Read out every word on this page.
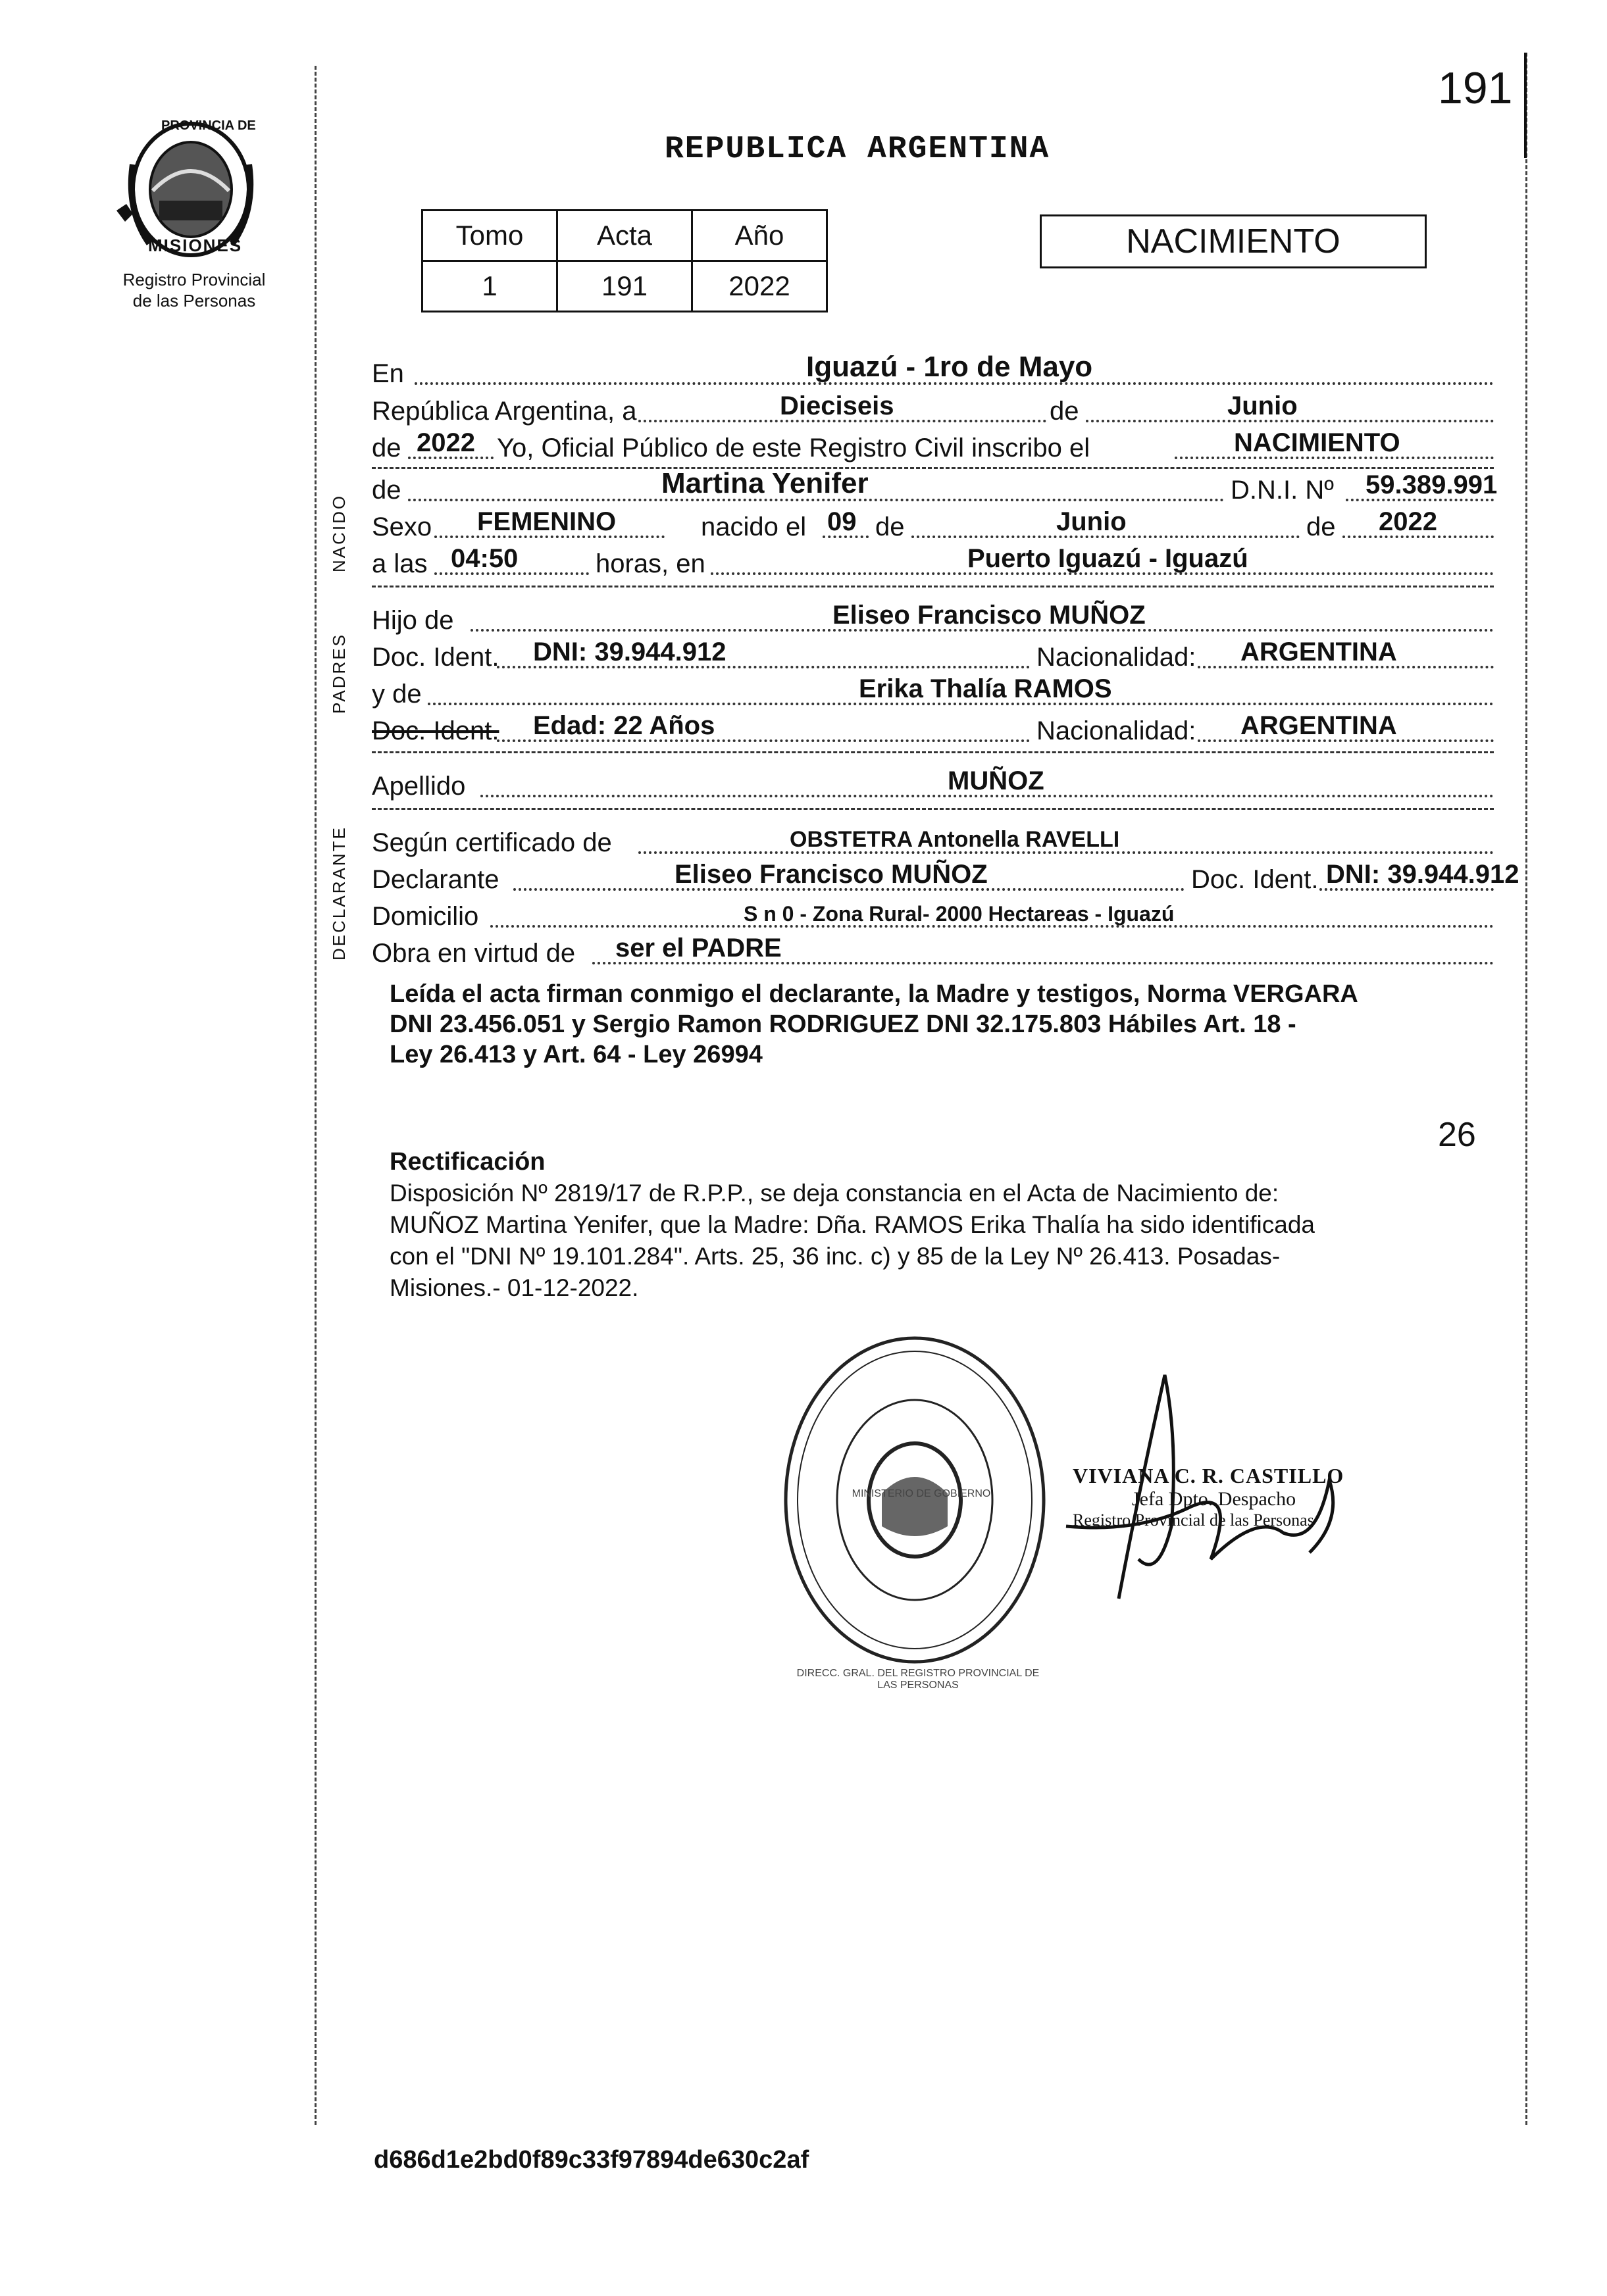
191
PROVINCIA DE
MISIONES
Registro Provincial
de las Personas
REPUBLICA ARGENTINA
Tomo	Acta	Año
1	191	2022
NACIMIENTO
NACIDO
PADRES
DECLARANTE
En	Iguazú - 1ro de Mayo
República Argentina, a	Dieciseis	de	Junio
de 2022 Yo, Oficial Público de este Registro Civil inscribo el	NACIMIENTO
de	Martina Yenifer	D.N.I. Nº 59.389.991
Sexo FEMENINO	nacido el 09 de	Junio	de 2022
a las 04:50	horas, en	Puerto Iguazú - Iguazú
Hijo de	Eliseo Francisco MUÑOZ
Doc. Ident. DNI: 39.944.912	Nacionalidad: ARGENTINA
y de	Erika Thalía RAMOS
Doc. Ident. Edad: 22 Años	Nacionalidad: ARGENTINA
Apellido	MUÑOZ
Según certificado de	OBSTETRA Antonella RAVELLI
Declarante	Eliseo Francisco MUÑOZ	Doc. Ident. DNI: 39.944.912
Domicilio	S n 0 - Zona Rural- 2000 Hectareas - Iguazú
Obra en virtud de ser el PADRE
Leída el acta firman conmigo el declarante, la Madre y testigos, Norma VERGARA
DNI 23.456.051 y Sergio Ramon RODRIGUEZ DNI 32.175.803 Hábiles Art. 18 -
Ley 26.413 y Art. 64 - Ley 26994
26
Rectificación
Disposición Nº 2819/17 de R.P.P., se deja constancia en el Acta de Nacimiento de:
MUÑOZ Martina Yenifer, que la Madre: Dña. RAMOS Erika Thalía ha sido identificada
con el "DNI Nº 19.101.284". Arts. 25, 36 inc. c) y 85 de la Ley Nº 26.413. Posadas-
Misiones.- 01-12-2022.
DIRECC. GRAL. DEL REGISTRO PROVINCIAL DE LAS PERSONAS
MINISTERIO DE GOBIERNO
VIVIANA C. R. CASTILLO
Jefa Dpto. Despacho
Registro Provincial de las Personas
d686d1e2bd0f89c33f97894de630c2af
